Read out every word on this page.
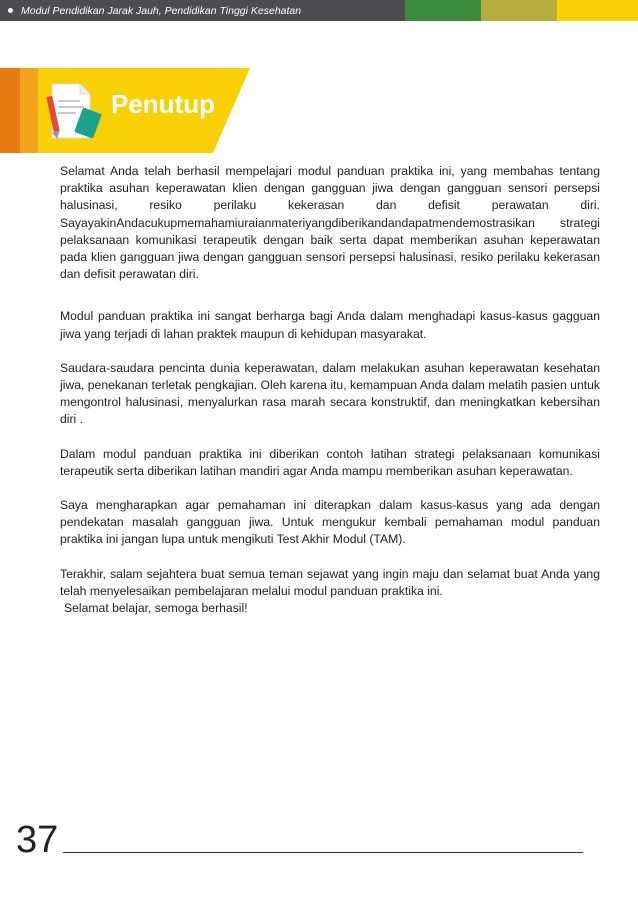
Modul Pendidikan Jarak Jauh, Pendidikan Tinggi Kesehatan
Penutup

Selamat Anda telah berhasil mempelajari modul panduan praktika ini, yang membahas tentang praktika asuhan keperawatan klien dengan gangguan jiwa dengan gangguan sensori persepsi halusinasi, resiko perilaku kekerasan dan defisit perawatan diri. SayayakinAndacukupmemahamiuraianmateriyangdiberikandandapatmendemostrasikan strategi pelaksanaan komunikasi terapeutik dengan baik serta dapat memberikan asuhan keperawatan pada klien gangguan jiwa dengan gangguan sensori persepsi halusinasi, resiko perilaku kekerasan dan defisit perawatan diri.

Modul panduan praktika ini sangat berharga bagi Anda dalam menghadapi kasus-kasus gagguan jiwa yang terjadi di lahan praktek maupun di kehidupan masyarakat.

Saudara-saudara pencinta dunia keperawatan, dalam melakukan asuhan keperawatan kesehatan jiwa, penekanan terletak pengkajian. Oleh karena itu, kemampuan Anda dalam melatih pasien untuk mengontrol halusinasi, menyalurkan rasa marah secara konstruktif, dan meningkatkan kebersihan diri .

Dalam modul panduan praktika ini diberikan contoh latihan strategi pelaksanaan komunikasi terapeutik serta diberikan latihan mandiri agar Anda mampu memberikan asuhan keperawatan.

Saya mengharapkan agar pemahaman ini diterapkan dalam kasus-kasus yang ada dengan pendekatan masalah gangguan jiwa. Untuk mengukur kembali pemahaman modul panduan praktika ini jangan lupa untuk mengikuti Test Akhir Modul (TAM).

Terakhir, salam sejahtera buat semua teman sejawat yang ingin maju dan selamat buat Anda yang telah menyelesaikan pembelajaran melalui modul panduan praktika ini.

Selamat belajar, semoga berhasil!

37
